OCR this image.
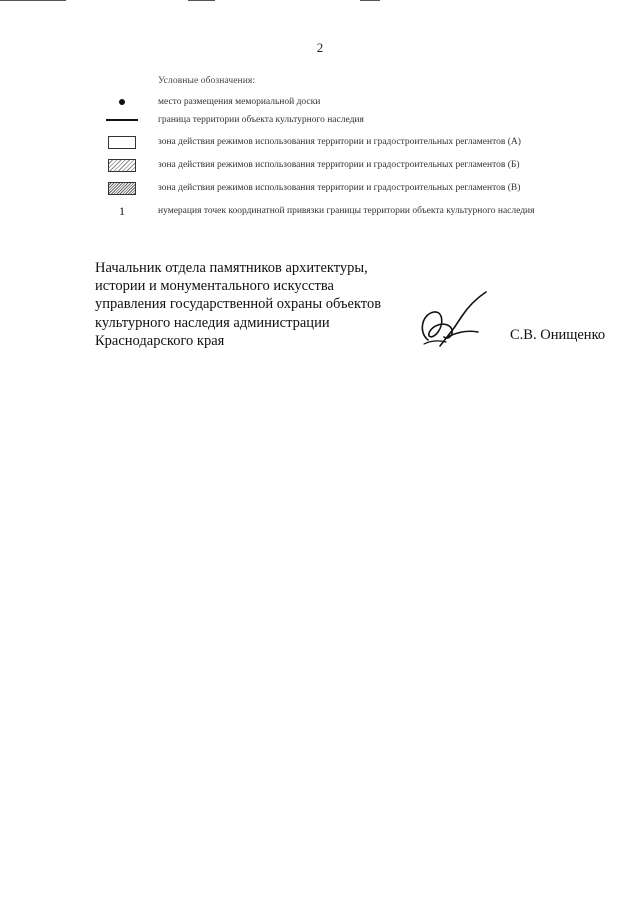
2
Условные обозначения:
место размещения мемориальной доски
граница территории объекта культурного наследия
зона действия режимов использования территории и градостроительных регламентов (А)
зона действия режимов использования территории и градостроительных регламентов (Б)
зона действия режимов использования территории и градостроительных регламентов (В)
1	нумерация точек координатной привязки границы территории объекта культурного наследия
Начальник отдела памятников архитектуры,
истории и монументального искусства
управления государственной охраны объектов
культурного наследия администрации
Краснодарского края	С.В. Онищенко
